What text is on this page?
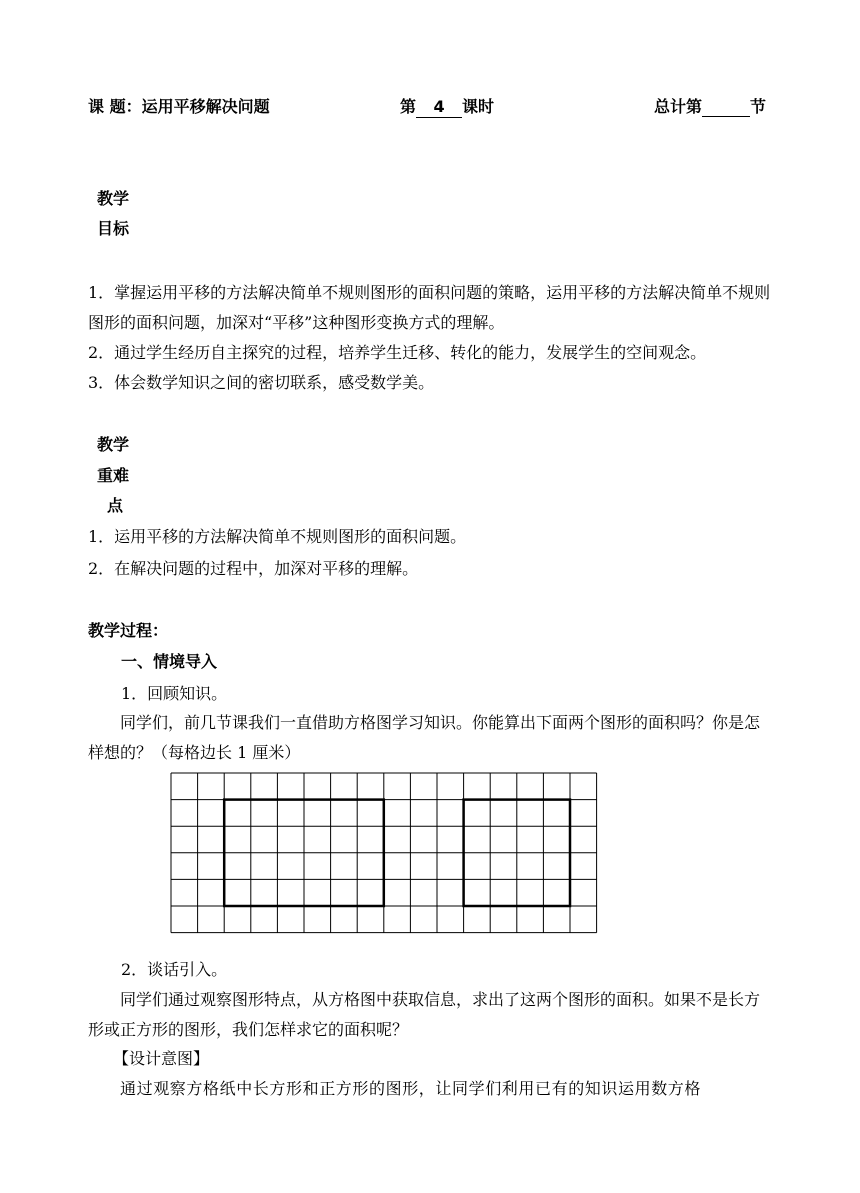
课 题：运用平移解决问题	第 4 课时	总计第	节
教学
目标
1．掌握运用平移的方法解决简单不规则图形的面积问题的策略，运用平移的方法解决简单不规则图形的面积问题，加深对“平移”这种图形变换方式的理解。
2．通过学生经历自主探究的过程，培养学生迁移、转化的能力，发展学生的空间观念。
3．体会数学知识之间的密切联系，感受数学美。
教学
重难
点
1．运用平移的方法解决简单不规则图形的面积问题。
2．在解决问题的过程中，加深对平移的理解。
教学过程：
一、情境导入
1．回顾知识。
同学们，前几节课我们一直借助方格图学习知识。你能算出下面两个图形的面积吗？你是怎样想的？（每格边长 1 厘米）
2．谈话引入。
同学们通过观察图形特点，从方格图中获取信息，求出了这两个图形的面积。如果不是长方形或正方形的图形，我们怎样求它的面积呢？
【设计意图】
通过观察方格纸中长方形和正方形的图形，让同学们利用已有的知识运用数方格
